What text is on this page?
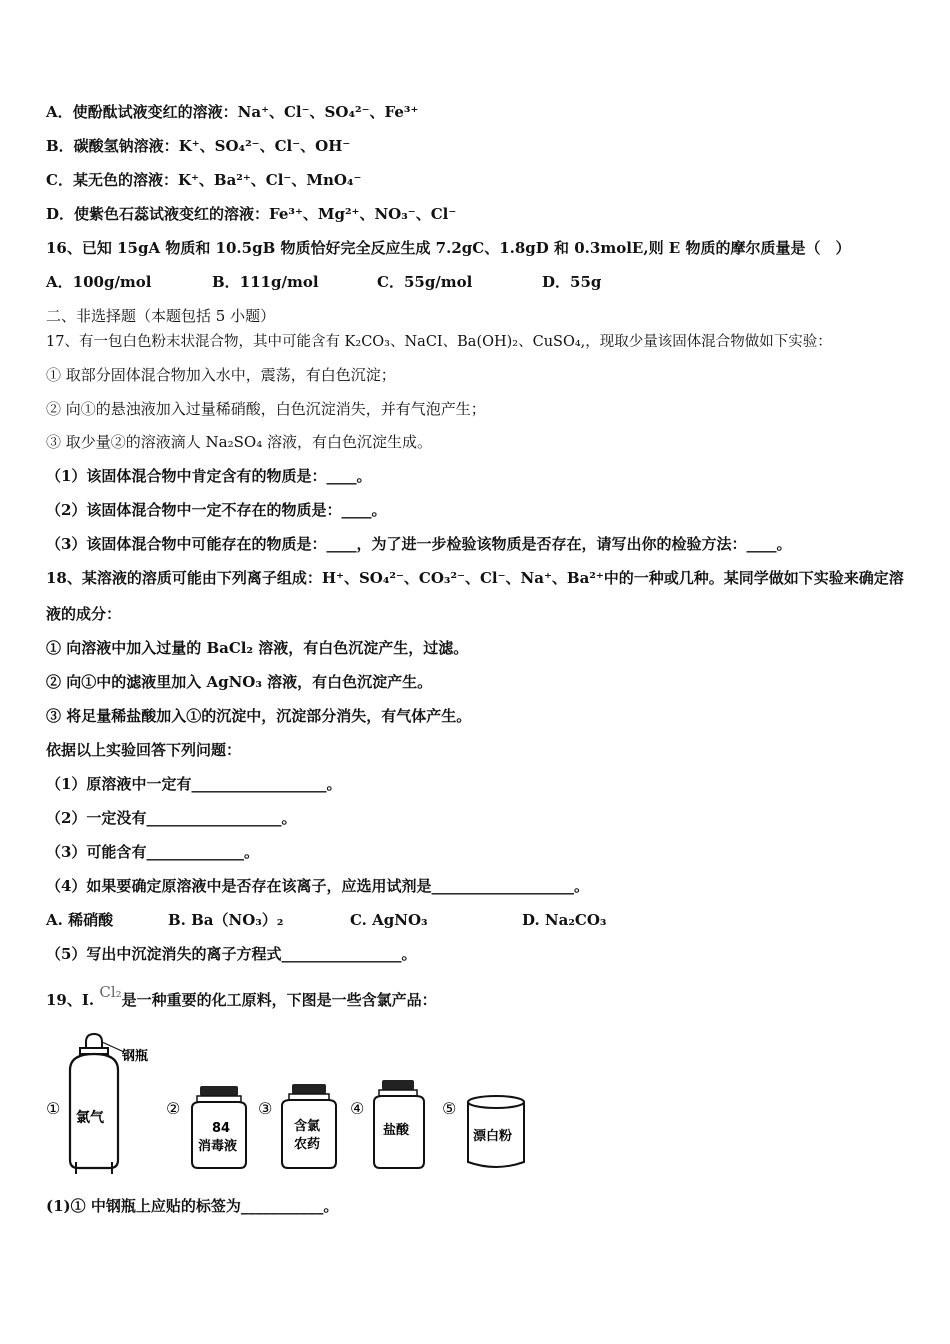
A．使酚酞试液变红的溶液：Na⁺、Cl⁻、SO₄²⁻、Fe³⁺
B．碳酸氢钠溶液：K⁺、SO₄²⁻、Cl⁻、OH⁻
C．某无色的溶液：K⁺、Ba²⁺、Cl⁻、MnO₄⁻
D．使紫色石蕊试液变红的溶液：Fe³⁺、Mg²⁺、NO₃⁻、Cl⁻
16、已知 15gA 物质和 10.5gB 物质恰好完全反应生成 7.2gC、1.8gD 和 0.3molE,则 E 物质的摩尔质量是（　）
A．100g/mol	B．111g/mol	C．55g/mol	D．55g
二、非选择题（本题包括 5 小题）
17、有一包白色粉末状混合物，其中可能含有 K₂CO₃、NaCI、Ba(OH)₂、CuSO₄,，现取少量该固体混合物做如下实验：
① 取部分固体混合物加入水中，震荡，有白色沉淀；
② 向①的悬浊液加入过量稀硝酸，白色沉淀消失，并有气泡产生；
③ 取少量②的溶液滴人 Na₂SO₄ 溶液，有白色沉淀生成。
（1）该固体混合物中肯定含有的物质是：____。
（2）该固体混合物中一定不存在的物质是：____。
（3）该固体混合物中可能存在的物质是：____，为了进一步检验该物质是否存在，请写出你的检验方法：____。
18、某溶液的溶质可能由下列离子组成：H⁺、SO₄²⁻、CO₃²⁻、Cl⁻、Na⁺、Ba²⁺中的一种或几种。某同学做如下实验来确定溶
液的成分：
① 向溶液中加入过量的 BaCl₂ 溶液，有白色沉淀产生，过滤。
② 向①中的滤液里加入 AgNO₃ 溶液，有白色沉淀产生。
③ 将足量稀盐酸加入①的沉淀中，沉淀部分消失，有气体产生。
依据以上实验回答下列问题：
（1）原溶液中一定有__________________。
（2）一定没有__________________。
（3）可能含有_____________。
（4）如果要确定原溶液中是否存在该离子，应选用试剂是___________________。
A. 稀硝酸	B. Ba（NO₃）₂	C. AgNO₃	D. Na₂CO₃
（5）写出中沉淀消失的离子方程式________________。
19、I. Cl₂是一种重要的化工原料，下图是一些含氯产品：
① 氯气
钢瓶
②
84
消毒液
③
含氯
农药
④
盐酸
⑤
漂白粉
(1)① 中钢瓶上应贴的标签为___________。
